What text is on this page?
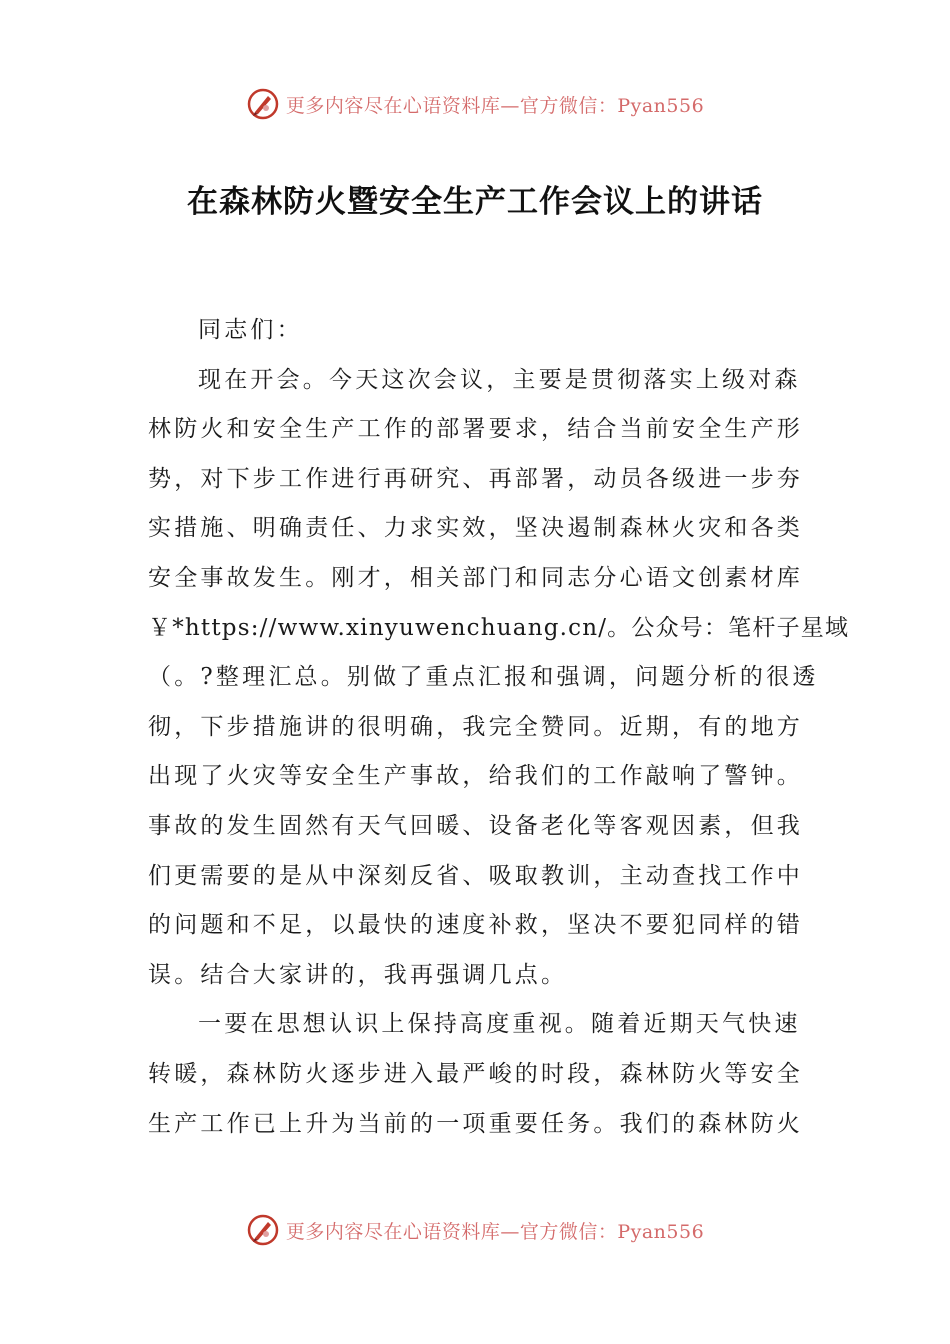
更多内容尽在心语资料库—官方微信：Pyan556
在森林防火暨安全生产工作会议上的讲话
同志们：
现在开会。今天这次会议，主要是贯彻落实上级对森
林防火和安全生产工作的部署要求，结合当前安全生产形
势，对下步工作进行再研究、再部署，动员各级进一步夯
实措施、明确责任、力求实效，坚决遏制森林火灾和各类
安全事故发生。刚才，相关部门和同志分心语文创素材库
￥*https://www.xinyuwenchuang.cn/。公众号：笔杆子星域
（。?整理汇总。别做了重点汇报和强调，问题分析的很透
彻，下步措施讲的很明确，我完全赞同。近期，有的地方
出现了火灾等安全生产事故，给我们的工作敲响了警钟。
事故的发生固然有天气回暖、设备老化等客观因素，但我
们更需要的是从中深刻反省、吸取教训，主动查找工作中
的问题和不足，以最快的速度补救，坚决不要犯同样的错
误。结合大家讲的，我再强调几点。
一要在思想认识上保持高度重视。随着近期天气快速
转暖，森林防火逐步进入最严峻的时段，森林防火等安全
生产工作已上升为当前的一项重要任务。我们的森林防火
更多内容尽在心语资料库—官方微信：Pyan556
